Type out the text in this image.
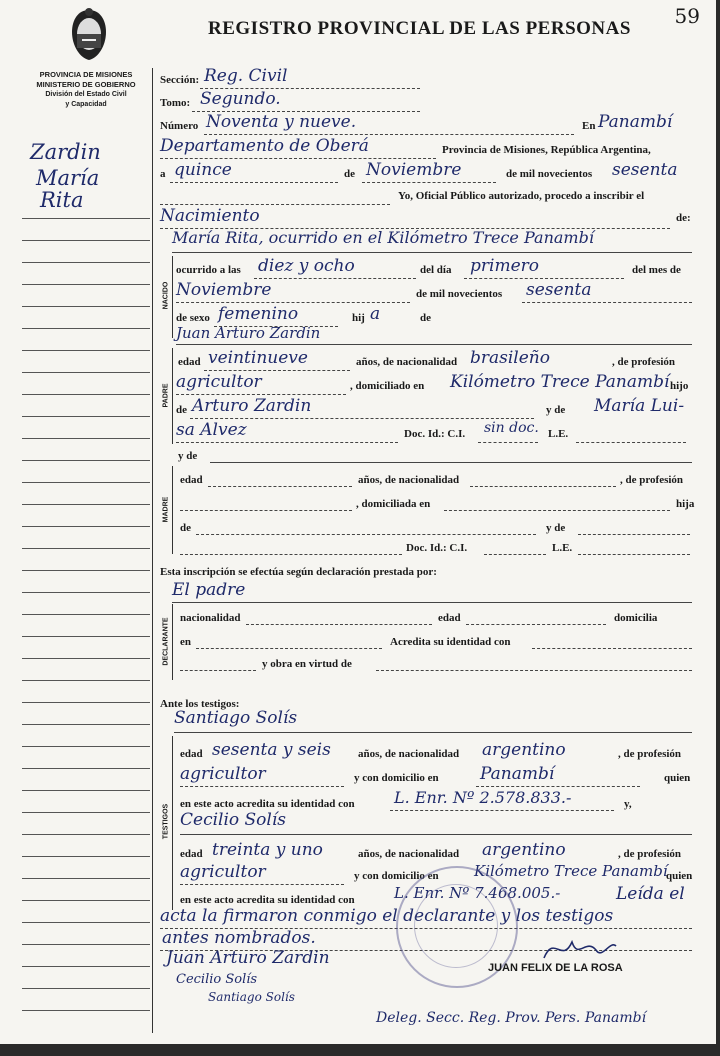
59
REGISTRO PROVINCIAL DE LAS PERSONAS
PROVINCIA DE MISIONES
MINISTERIO DE GOBIERNO
División del Estado Civil
y Capacidad
Zardin
María
Rita
Sección: Reg. Civil
Tomo: Segundo.
Número Noventa y nueve.	En Panambí
Departamento de Oberá	Provincia de Misiones, República Argentina,
a quince	de Noviembre	de mil novecientos sesenta
Yo, Oficial Público autorizado, procedo a inscribir el
Nacimiento	de:
María Rita, ocurrido en el Kilómetro Trece Panambí
NACIDO
ocurrido a las diez y ocho	del día primero	del mes de
Noviembre	de mil novecientos sesenta
de sexo femenino	hij a	de
Juan Arturo Zardin
PADRE
edad veintinueve	años, de nacionalidad brasileño	, de profesión
agricultor	, domiciliado en Kilómetro Trece Panambí hijo
de Arturo Zardin	y de María Lui-
sa Alvez	Doc. Id.: C.I. sin doc. L.E.
y de
MADRE
edad	años, de nacionalidad	, de profesión
, domiciliada en	hija
de	y de
Doc. Id.: C.I.	L.E.
Esta inscripción se efectúa según declaración prestada por:
El padre
DECLARANTE nacionalidad	edad	domicilia
en	Acredita su identidad con
y obra en virtud de
Ante los testigos:
Santiago Solís
TESTIGOS
edad sesenta y seis años, de nacionalidad argentino	, de profesión
agricultor	y con domicilio en Panambí	quien
en este acto acredita su identidad con L. Enr. Nº 2.578.833.-	y,
Cecilio Solís
edad treinta y uno	años, de nacionalidad argentino	, de profesión
agricultor	y con domicilio en Kilómetro Trece Panambí
quien
en este acto acredita su identidad con	L. Enr. Nº 7.468.005.-	Leída el
acta la firmaron conmigo el declarante y los testigos
antes nombrados.
Juan Arturo Zardin
Cecilio Solís
Santiago Solís
JUAN FELIX DE LA ROSA
Deleg. Secc. Reg. Prov. Pers. Panambí
